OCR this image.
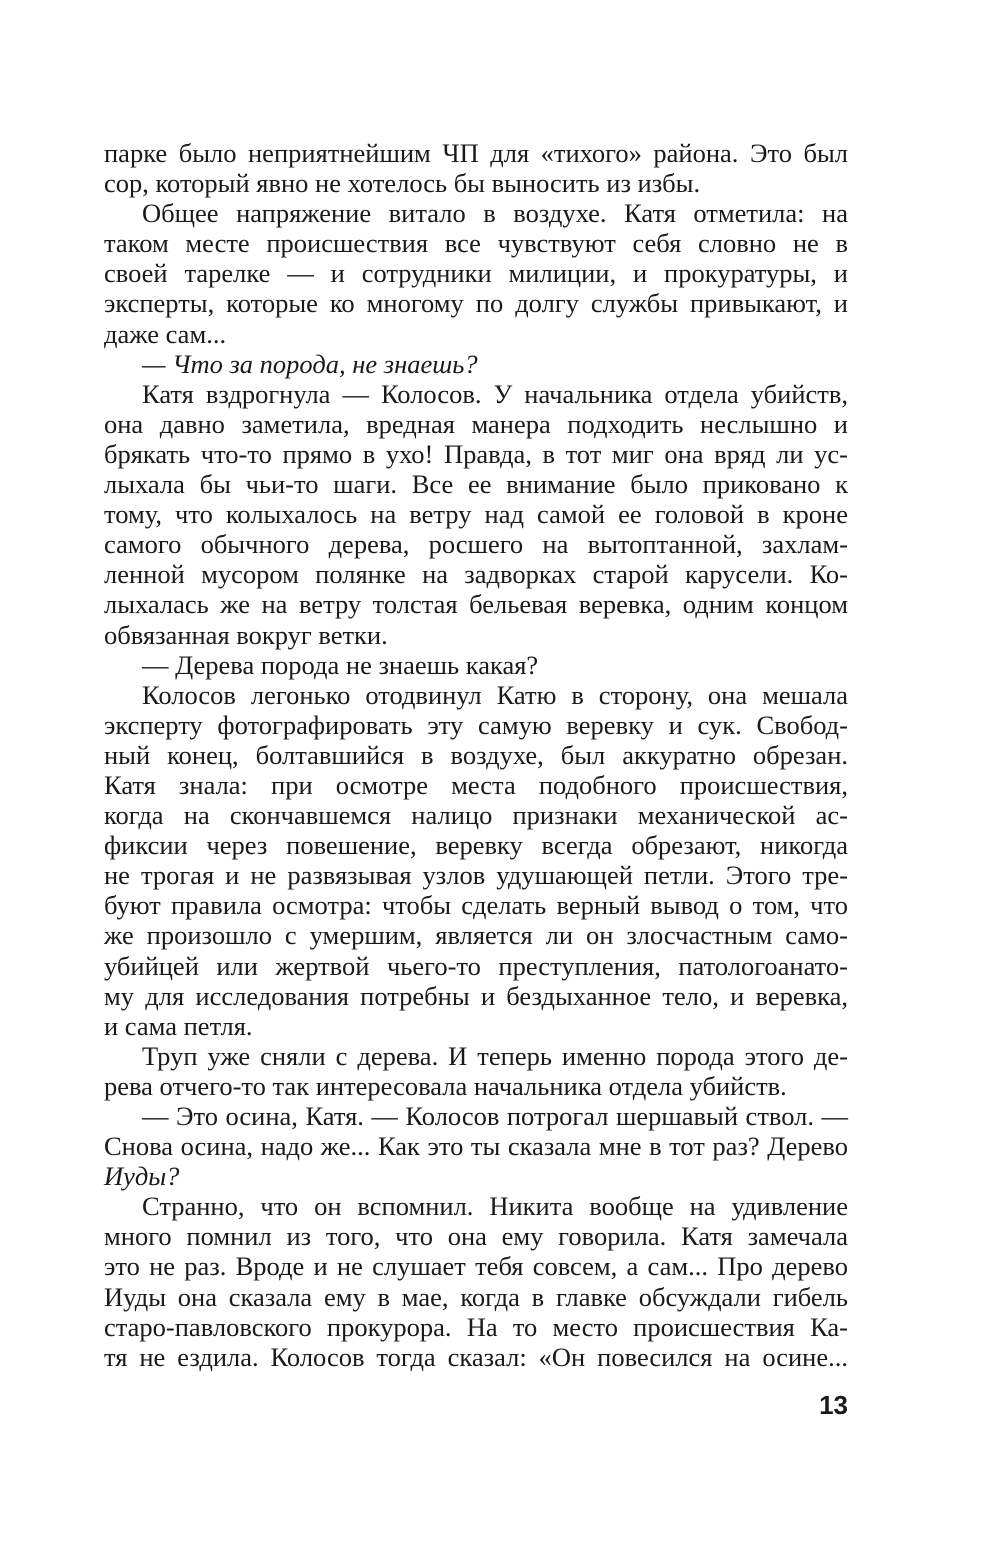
парке было неприятнейшим ЧП для «тихого» района. Это был
сор, который явно не хотелось бы выносить из избы.
Общее напряжение витало в воздухе. Катя отметила: на
таком месте происшествия все чувствуют себя словно не в
своей тарелке — и сотрудники милиции, и прокуратуры, и
эксперты, которые ко многому по долгу службы привыкают, и
даже сам...
— Что за порода, не знаешь?
Катя вздрогнула — Колосов. У начальника отдела убийств,
она давно заметила, вредная манера подходить неслышно и
брякать что-то прямо в ухо! Правда, в тот миг она вряд ли ус-
лыхала бы чьи-то шаги. Все ее внимание было приковано к
тому, что колыхалось на ветру над самой ее головой в кроне
самого обычного дерева, росшего на вытоптанной, захлам-
ленной мусором полянке на задворках старой карусели. Ко-
лыхалась же на ветру толстая бельевая веревка, одним концом
обвязанная вокруг ветки.
— Дерева порода не знаешь какая?
Колосов легонько отодвинул Катю в сторону, она мешала
эксперту фотографировать эту самую веревку и сук. Свобод-
ный конец, болтавшийся в воздухе, был аккуратно обрезан.
Катя знала: при осмотре места подобного происшествия,
когда на скончавшемся налицо признаки механической ас-
фиксии через повешение, веревку всегда обрезают, никогда
не трогая и не развязывая узлов удушающей петли. Этого тре-
буют правила осмотра: чтобы сделать верный вывод о том, что
же произошло с умершим, является ли он злосчастным само-
убийцей или жертвой чьего-то преступления, патологоанато-
му для исследования потребны и бездыханное тело, и веревка,
и сама петля.
Труп уже сняли с дерева. И теперь именно порода этого де-
рева отчего-то так интересовала начальника отдела убийств.
— Это осина, Катя. — Колосов потрогал шершавый ствол. —
Снова осина, надо же... Как это ты сказала мне в тот раз? Дерево
Иуды?
Странно, что он вспомнил. Никита вообще на удивление
много помнил из того, что она ему говорила. Катя замечала
это не раз. Вроде и не слушает тебя совсем, а сам... Про дерево
Иуды она сказала ему в мае, когда в главке обсуждали гибель
старо-павловского прокурора. На то место происшествия Ка-
тя не ездила. Колосов тогда сказал: «Он повесился на осине...
13
